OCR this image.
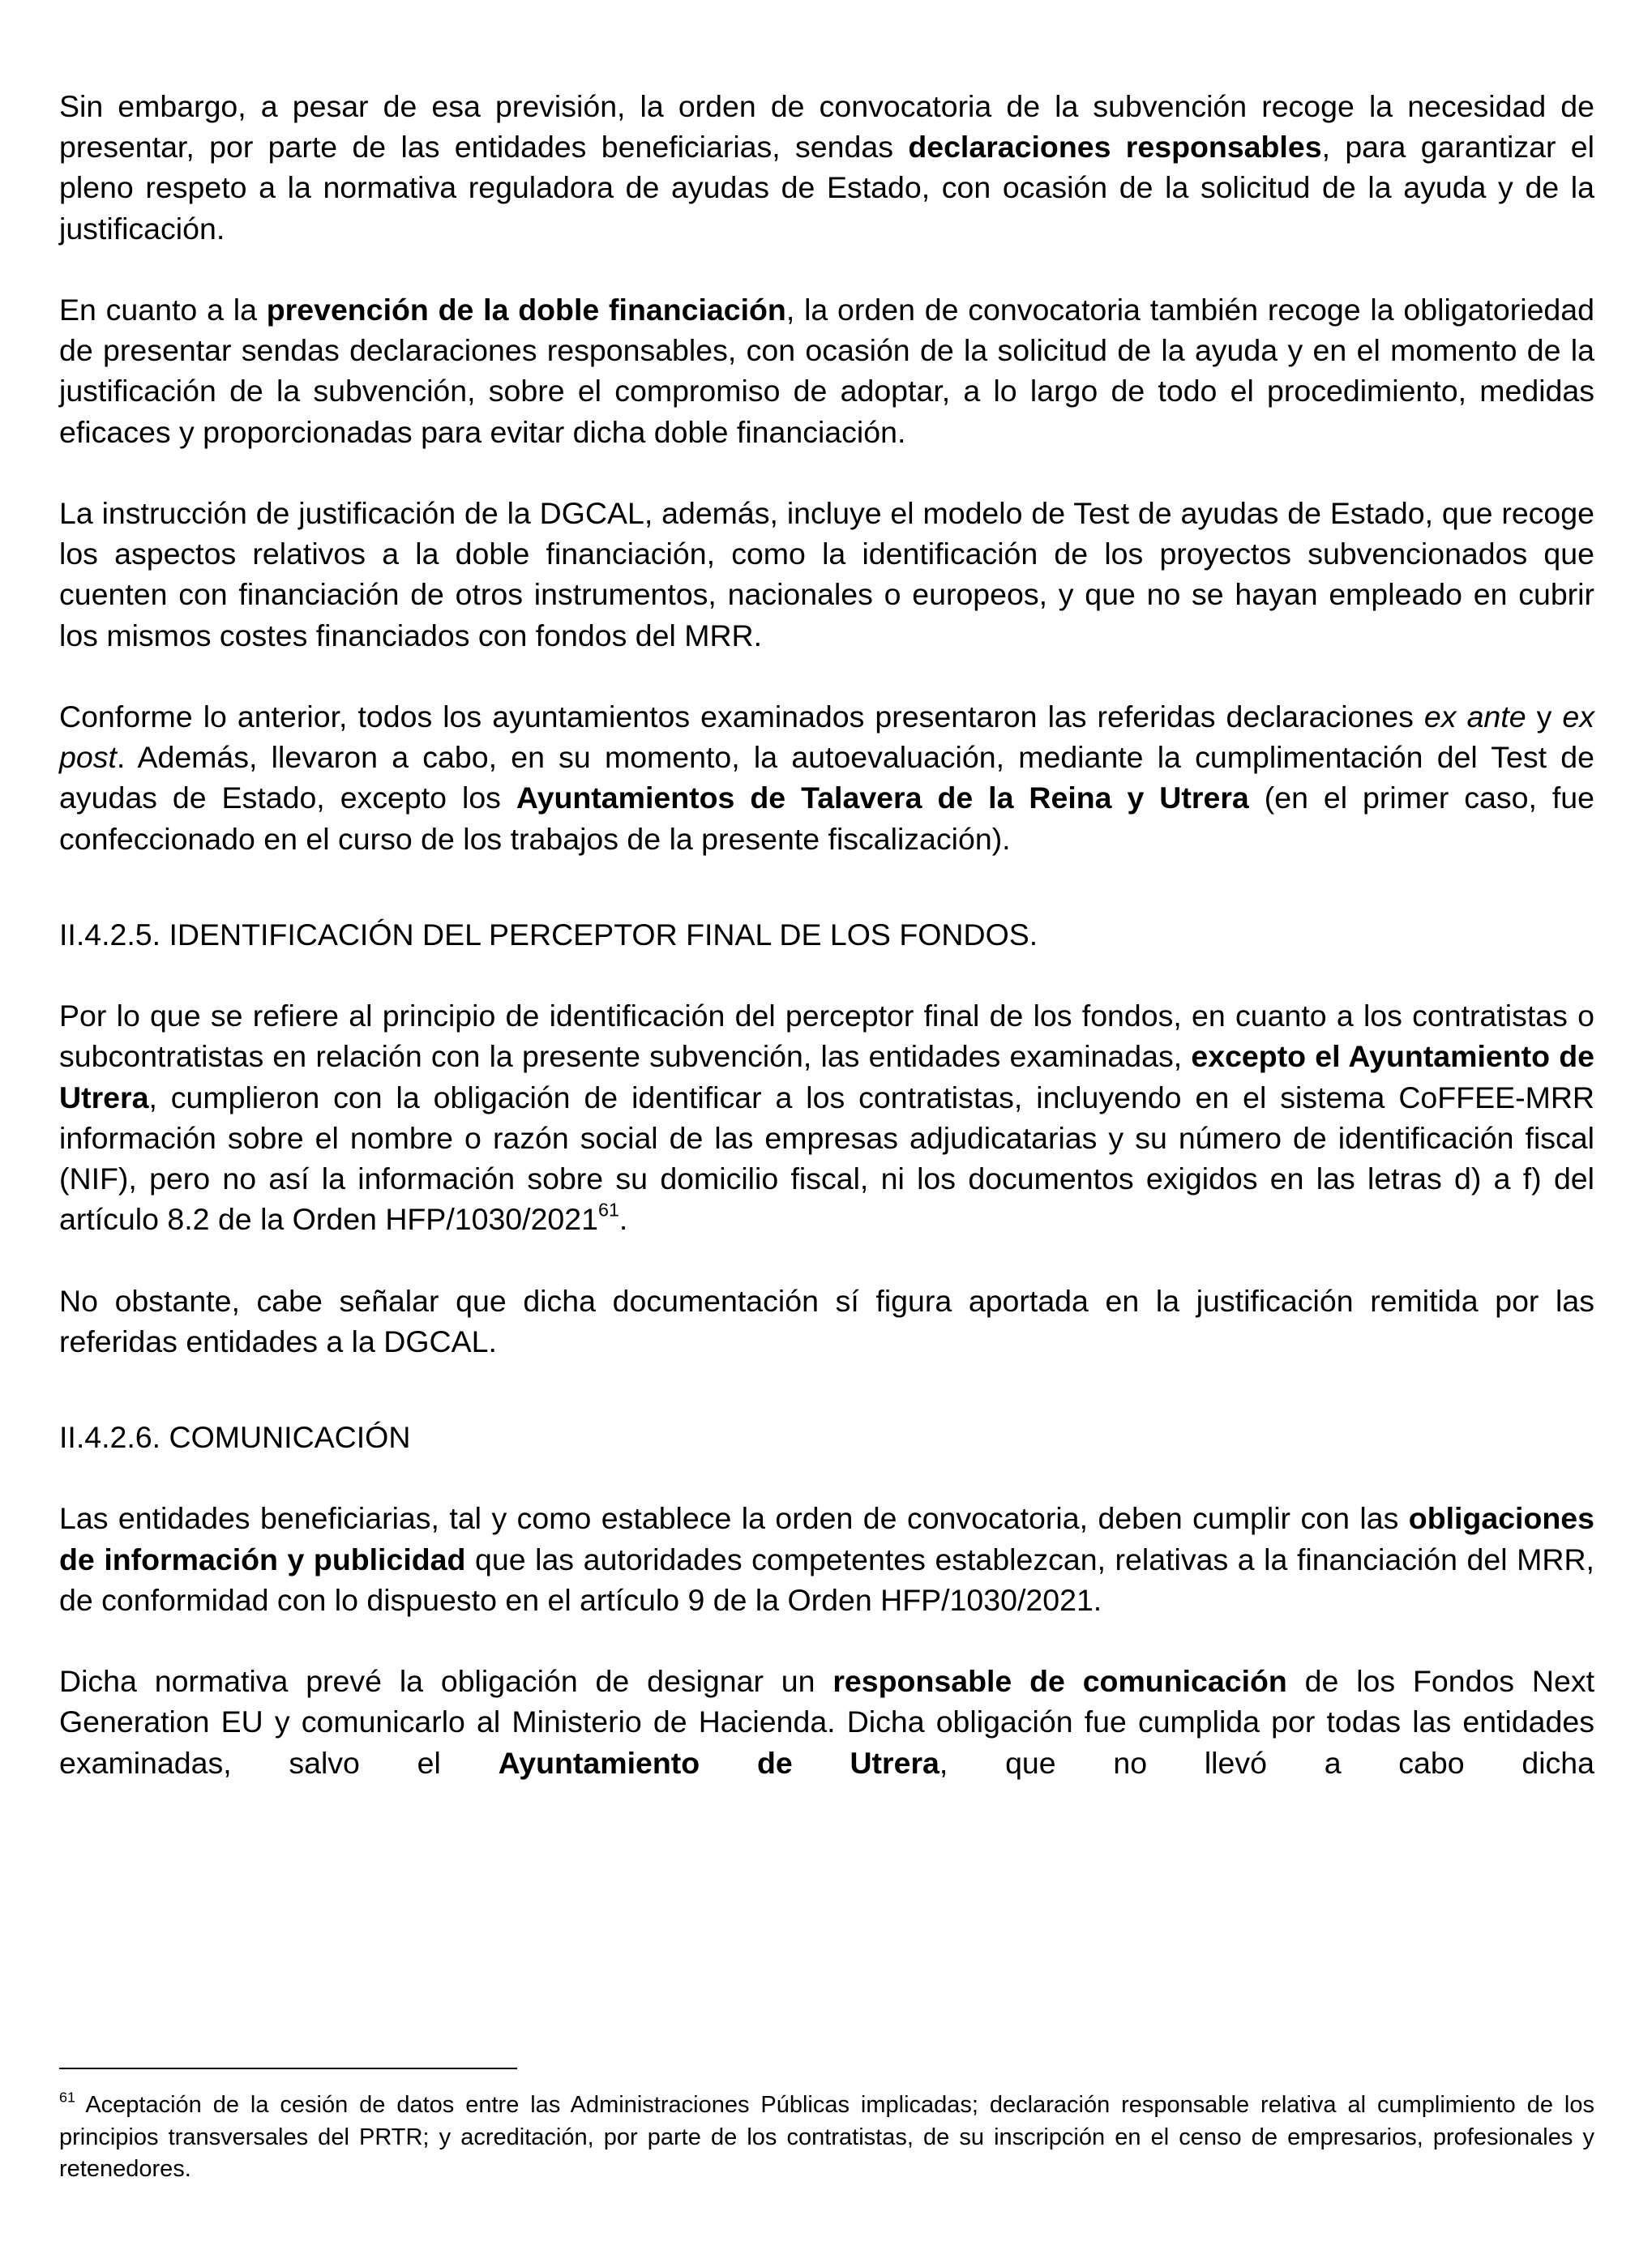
Sin embargo, a pesar de esa previsión, la orden de convocatoria de la subvención recoge la necesidad de presentar, por parte de las entidades beneficiarias, sendas declaraciones responsables, para garantizar el pleno respeto a la normativa reguladora de ayudas de Estado, con ocasión de la solicitud de la ayuda y de la justificación.

En cuanto a la prevención de la doble financiación, la orden de convocatoria también recoge la obligatoriedad de presentar sendas declaraciones responsables, con ocasión de la solicitud de la ayuda y en el momento de la justificación de la subvención, sobre el compromiso de adoptar, a lo largo de todo el procedimiento, medidas eficaces y proporcionadas para evitar dicha doble financiación.

La instrucción de justificación de la DGCAL, además, incluye el modelo de Test de ayudas de Estado, que recoge los aspectos relativos a la doble financiación, como la identificación de los proyectos subvencionados que cuenten con financiación de otros instrumentos, nacionales o europeos, y que no se hayan empleado en cubrir los mismos costes financiados con fondos del MRR.

Conforme lo anterior, todos los ayuntamientos examinados presentaron las referidas declaraciones ex ante y ex post. Además, llevaron a cabo, en su momento, la autoevaluación, mediante la cumplimentación del Test de ayudas de Estado, excepto los Ayuntamientos de Talavera de la Reina y Utrera (en el primer caso, fue confeccionado en el curso de los trabajos de la presente fiscalización).

II.4.2.5. IDENTIFICACIÓN DEL PERCEPTOR FINAL DE LOS FONDOS.

Por lo que se refiere al principio de identificación del perceptor final de los fondos, en cuanto a los contratistas o subcontratistas en relación con la presente subvención, las entidades examinadas, excepto el Ayuntamiento de Utrera, cumplieron con la obligación de identificar a los contratistas, incluyendo en el sistema CoFFEE-MRR información sobre el nombre o razón social de las empresas adjudicatarias y su número de identificación fiscal (NIF), pero no así la información sobre su domicilio fiscal, ni los documentos exigidos en las letras d) a f) del artículo 8.2 de la Orden HFP/1030/2021$^{61}$.

No obstante, cabe señalar que dicha documentación sí figura aportada en la justificación remitida por las referidas entidades a la DGCAL.

II.4.2.6. COMUNICACIÓN

Las entidades beneficiarias, tal y como establece la orden de convocatoria, deben cumplir con las obligaciones de información y publicidad que las autoridades competentes establezcan, relativas a la financiación del MRR, de conformidad con lo dispuesto en el artículo 9 de la Orden HFP/1030/2021.

Dicha normativa prevé la obligación de designar un responsable de comunicación de los Fondos Next Generation EU y comunicarlo al Ministerio de Hacienda. Dicha obligación fue cumplida por todas las entidades examinadas, salvo el Ayuntamiento de Utrera, que no llevó a cabo dicha

$^{61}$ Aceptación de la cesión de datos entre las Administraciones Públicas implicadas; declaración responsable relativa al cumplimiento de los principios transversales del PRTR; y acreditación, por parte de los contratistas, de su inscripción en el censo de empresarios, profesionales y retenedores.
